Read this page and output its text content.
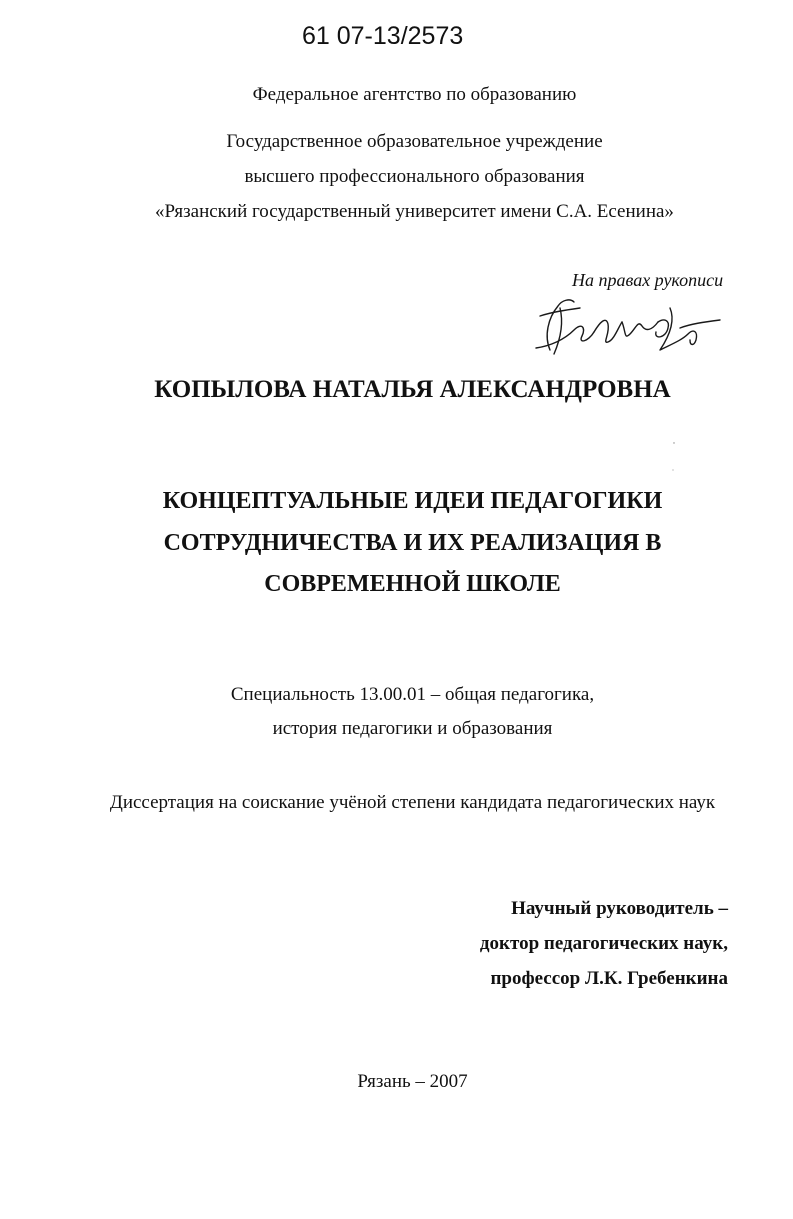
61 07-13/2573
Федеральное агентство по образованию
Государственное образовательное учреждение
высшего профессионального образования
«Рязанский государственный университет имени С.А. Есенина»
На правах рукописи
КОПЫЛОВА НАТАЛЬЯ АЛЕКСАНДРОВНА
КОНЦЕПТУАЛЬНЫЕ ИДЕИ ПЕДАГОГИКИ
СОТРУДНИЧЕСТВА И ИХ РЕАЛИЗАЦИЯ В
СОВРЕМЕННОЙ ШКОЛЕ
Специальность 13.00.01 – общая педагогика,
история педагогики и образования
Диссертация на соискание учёной степени кандидата педагогических наук
Научный руководитель –
доктор педагогических наук,
профессор Л.К. Гребенкина
Рязань – 2007
